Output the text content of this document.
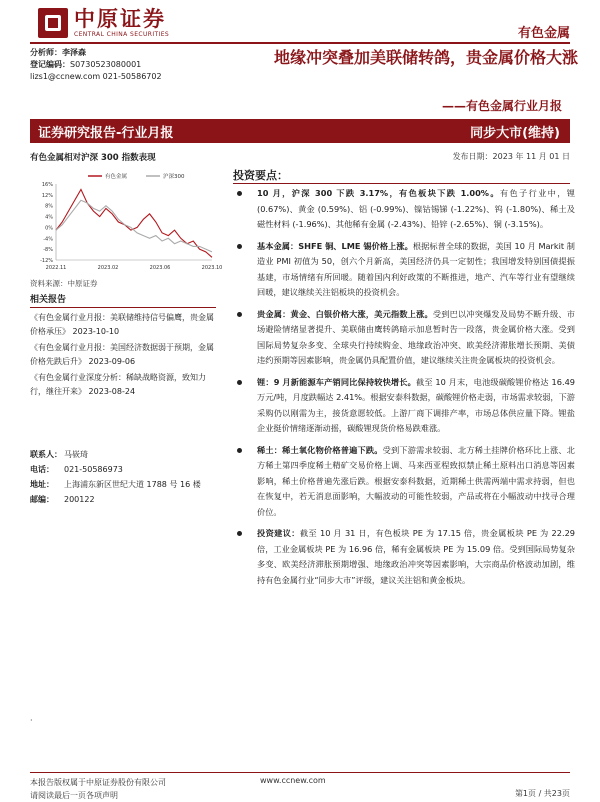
中原证券
CENTRAL CHINA SECURITIES	有色金属
分析师：李泽森
登记编码：S0730523080001
lizs1@ccnew.com 021-50586702
地缘冲突叠加美联储转鸽，贵金属价格大涨
——有色金属行业月报
证券研究报告-行业月报	同步大市(维持)
有色金属相对沪深 300 指数表现	发布日期：2023 年 11 月 01 日
16%
12%
8%
4%
0%
-4%
-8%
-12%
2022.11	2023.02	2023.06	2023.10
有色金属	沪深300
资料来源：中原证券
相关报告
《有色金属行业月报：美联储维持信号偏鹰，贵金属价格承压》 2023-10-10
《有色金属行业月报：美国经济数据弱于预期，金属价格先跌后升》 2023-09-06
《有色金属行业深度分析：稀缺战略资源，致知力行，继往开来》 2023-08-24
联系人： 马嵚琦
电话：	021-50586973
地址：	上海浦东新区世纪大道 1788 号 16 楼
邮编：	200122
投资要点：
10 月，沪深 300 下跌 3.17%，有色板块下跌 1.00%。有色子行业中，锂 (0.67%)、黄金 (0.59%)、铝 (-0.99%)、镍钴锡锑 (-1.22%)、钨 (-1.80%)、稀土及磁性材料 (-1.96%)、其他稀有金属 (-2.43%)、铅锌 (-2.65%)、铜 (-3.15%)。
基本金属：SHFE 铜、LME 锡价格上涨。根据标普全球的数据，美国 10 月 Markit 制造业 PMI 初值为 50，创六个月新高，美国经济仍具一定韧性；我国增发特别国债提振基建，市场情绪有所回暖。随着国内利好政策的不断推进，地产、汽车等行业有望继续回暖，建议继续关注铝板块的投资机会。
贵金属：黄金、白银价格大涨，美元指数上涨。受到巴以冲突爆发及局势不断升级、市场避险情绪显著提升、美联储由鹰转鸽暗示加息暂时告一段落，贵金属价格大涨。受到国际局势复杂多变、全球央行持续购金、地缘政治冲突、欧美经济滞胀增长预期、美债违约预期等因素影响，贵金属仍具配置价值，建议继续关注贵金属板块的投资机会。
锂：9 月新能源车产销同比保持较快增长。截至 10 月末，电池级碳酸锂价格达 16.49 万元/吨，月度跌幅达 2.41%。根据安泰科数据，碳酸锂价格走弱，市场需求较弱，下游采购仍以刚需为主，接货意愿较低。上游厂商下调排产率，市场总体供应量下降。锂盐企业挺价情绪逐渐动摇，碳酸锂现货价格易跌难涨。
稀土：稀土氧化物价格普遍下跌。受到下游需求较弱、北方稀土挂牌价格环比上涨、北方稀土第四季度稀土精矿交易价格上调、马来西亚程致拟禁止稀土原料出口消息等因素影响，稀土价格普遍先涨后跌。根据安泰科数据，近期稀土供需两端中需求持弱，但也在恢复中，若无消息面影响，大幅波动的可能性较弱，产品或将在小幅波动中找寻合理价位。
投资建议：截至 10 月 31 日，有色板块 PE 为 17.15 倍，贵金属板块 PE 为 22.29 倍，工业金属板块 PE 为 16.96 倍，稀有金属板块 PE 为 15.09 倍。受到国际局势复杂多变、欧美经济滞胀预期增强、地缘政治冲突等因素影响，大宗商品价格波动加剧，维持有色金属行业“同步大市”评级，建议关注铝和黄金板块。
·
本报告版权属于中原证券股份有限公司
请阅读最后一页各项声明
www.ccnew.com
第1页 / 共23页
